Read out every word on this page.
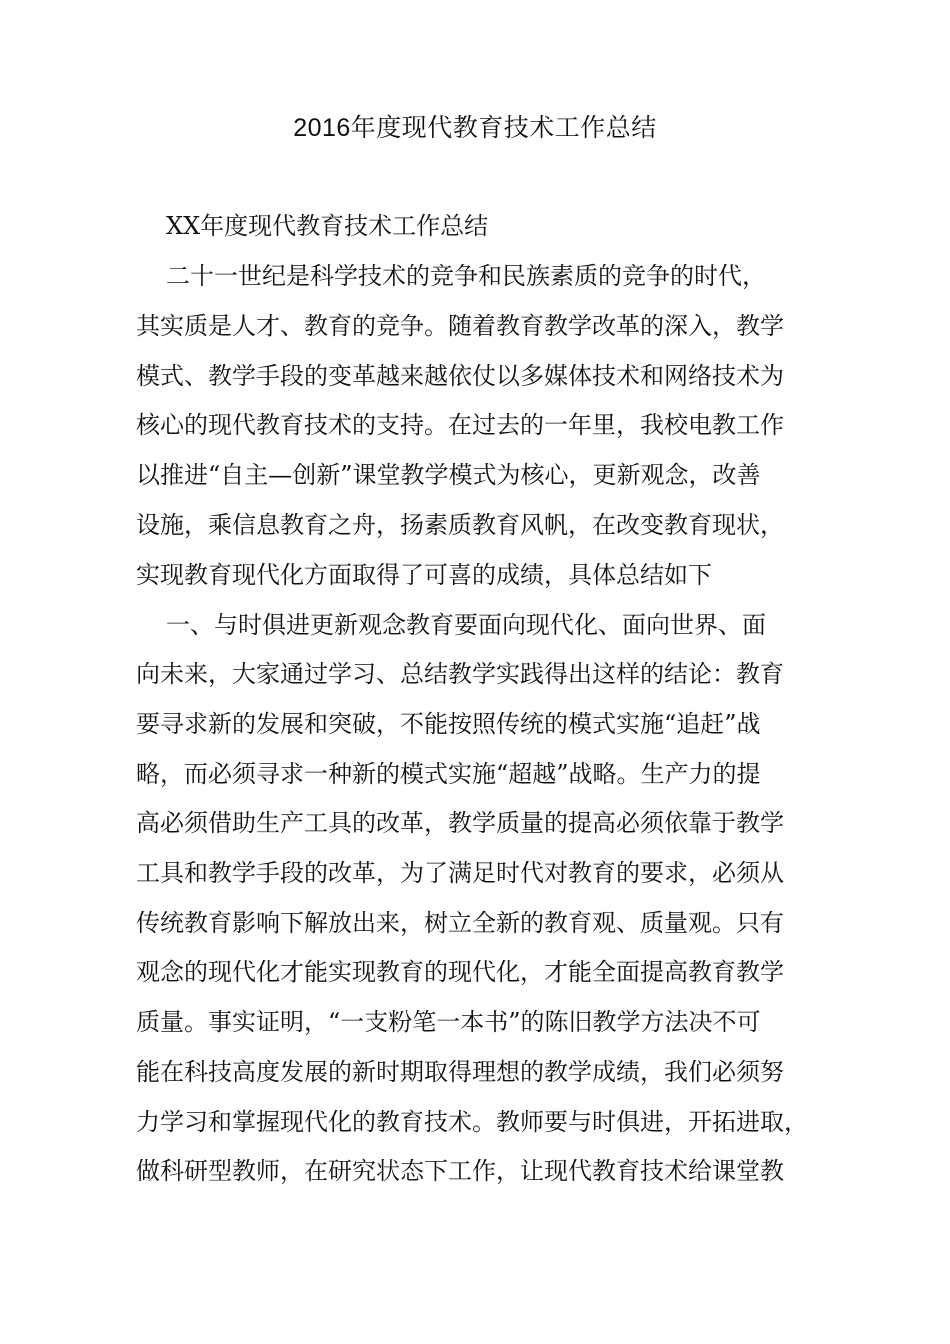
2016年度现代教育技术工作总结
XX年度现代教育技术工作总结
二十一世纪是科学技术的竞争和民族素质的竞争的时代，
其实质是人才、教育的竞争。随着教育教学改革的深入，教学
模式、教学手段的变革越来越依仗以多媒体技术和网络技术为
核心的现代教育技术的支持。在过去的一年里，我校电教工作
以推进“自主—创新”课堂教学模式为核心，更新观念，改善
设施，乘信息教育之舟，扬素质教育风帆，在改变教育现状，
实现教育现代化方面取得了可喜的成绩，具体总结如下
一、与时俱进更新观念教育要面向现代化、面向世界、面
向未来，大家通过学习、总结教学实践得出这样的结论：教育
要寻求新的发展和突破，不能按照传统的模式实施“追赶”战
略，而必须寻求一种新的模式实施“超越”战略。生产力的提
高必须借助生产工具的改革，教学质量的提高必须依靠于教学
工具和教学手段的改革，为了满足时代对教育的要求，必须从
传统教育影响下解放出来，树立全新的教育观、质量观。只有
观念的现代化才能实现教育的现代化，才能全面提高教育教学
质量。事实证明，“一支粉笔一本书”的陈旧教学方法决不可
能在科技高度发展的新时期取得理想的教学成绩，我们必须努
力学习和掌握现代化的教育技术。教师要与时俱进，开拓进取，
做科研型教师，在研究状态下工作，让现代教育技术给课堂教
